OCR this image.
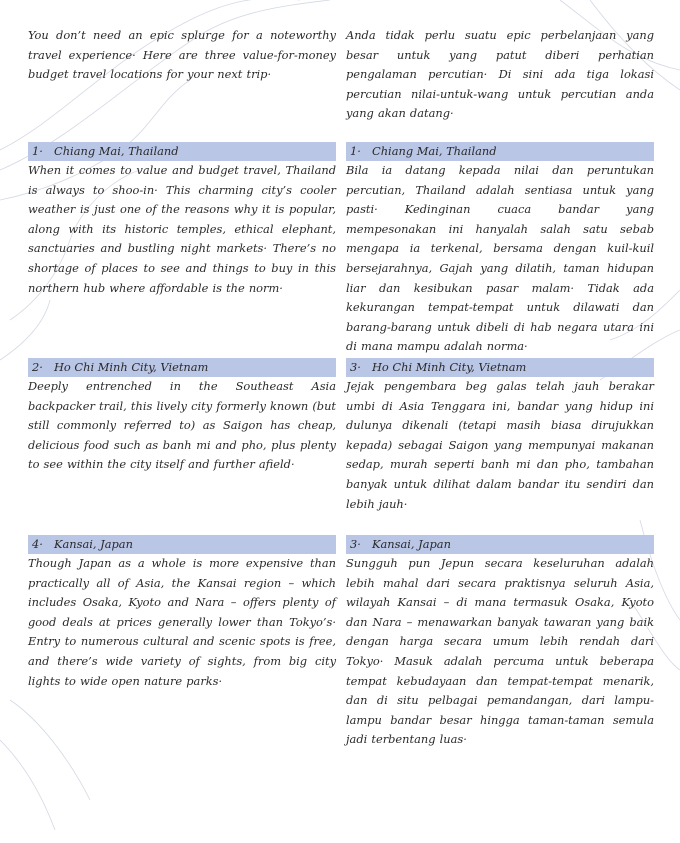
You don’t need an epic splurge for a noteworthy travel experience· Here are three value-for-money budget travel locations for your next trip·

Anda tidak perlu suatu epic perbelanjaan yang besar untuk yang patut diberi perhatian pengalaman percutian· Di sini ada tiga lokasi percutian nilai-untuk-wang untuk percutian anda yang akan datang·

1· Chiang Mai, Thailand

When it comes to value and budget travel, Thailand is always to shoo-in· This charming city’s cooler weather is just one of the reasons why it is popular, along with its historic temples, ethical elephant, sanctuaries and bustling night markets· There’s no shortage of places to see and things to buy in this northern hub where affordable is the norm·

1· Chiang Mai, Thailand

Bila ia datang kepada nilai dan peruntukan percutian, Thailand adalah sentiasa untuk yang pasti· Kedinginan cuaca bandar yang mempesonakan ini hanyalah salah satu sebab mengapa ia terkenal, bersama dengan kuil-kuil bersejarahnya, Gajah yang dilatih, taman hidupan liar dan kesibukan pasar malam· Tidak ada kekurangan tempat-tempat untuk dilawati dan barang-barang untuk dibeli di hab negara utara ini di mana mampu adalah norma·

2· Ho Chi Minh City, Vietnam

Deeply entrenched in the Southeast Asia backpacker trail, this lively city formerly known (but still commonly referred to) as Saigon has cheap, delicious food such as banh mi and pho, plus plenty to see within the city itself and further afield·

3· Ho Chi Minh City, Vietnam

Jejak pengembara beg galas telah jauh berakar umbi di Asia Tenggara ini, bandar yang hidup ini dulunya dikenali (tetapi masih biasa dirujukkan kepada) sebagai Saigon yang mempunyai makanan sedap, murah seperti banh mi dan pho, tambahan banyak untuk dilihat dalam bandar itu sendiri dan lebih jauh·

4· Kansai, Japan

Though Japan as a whole is more expensive than practically all of Asia, the Kansai region – which includes Osaka, Kyoto and Nara – offers plenty of good deals at prices generally lower than Tokyo’s· Entry to numerous cultural and scenic spots is free, and there’s wide variety of sights, from big city lights to wide open nature parks·

3· Kansai, Japan

Sungguh pun Jepun secara keseluruhan adalah lebih mahal dari secara praktisnya seluruh Asia, wilayah Kansai – di mana termasuk Osaka, Kyoto dan Nara – menawarkan banyak tawaran yang baik dengan harga secara umum lebih rendah dari Tokyo· Masuk adalah percuma untuk beberapa tempat kebudayaan dan tempat-tempat menarik, dan di situ pelbagai pemandangan, dari lampu-lampu bandar besar hingga taman-taman semula jadi terbentang luas·
